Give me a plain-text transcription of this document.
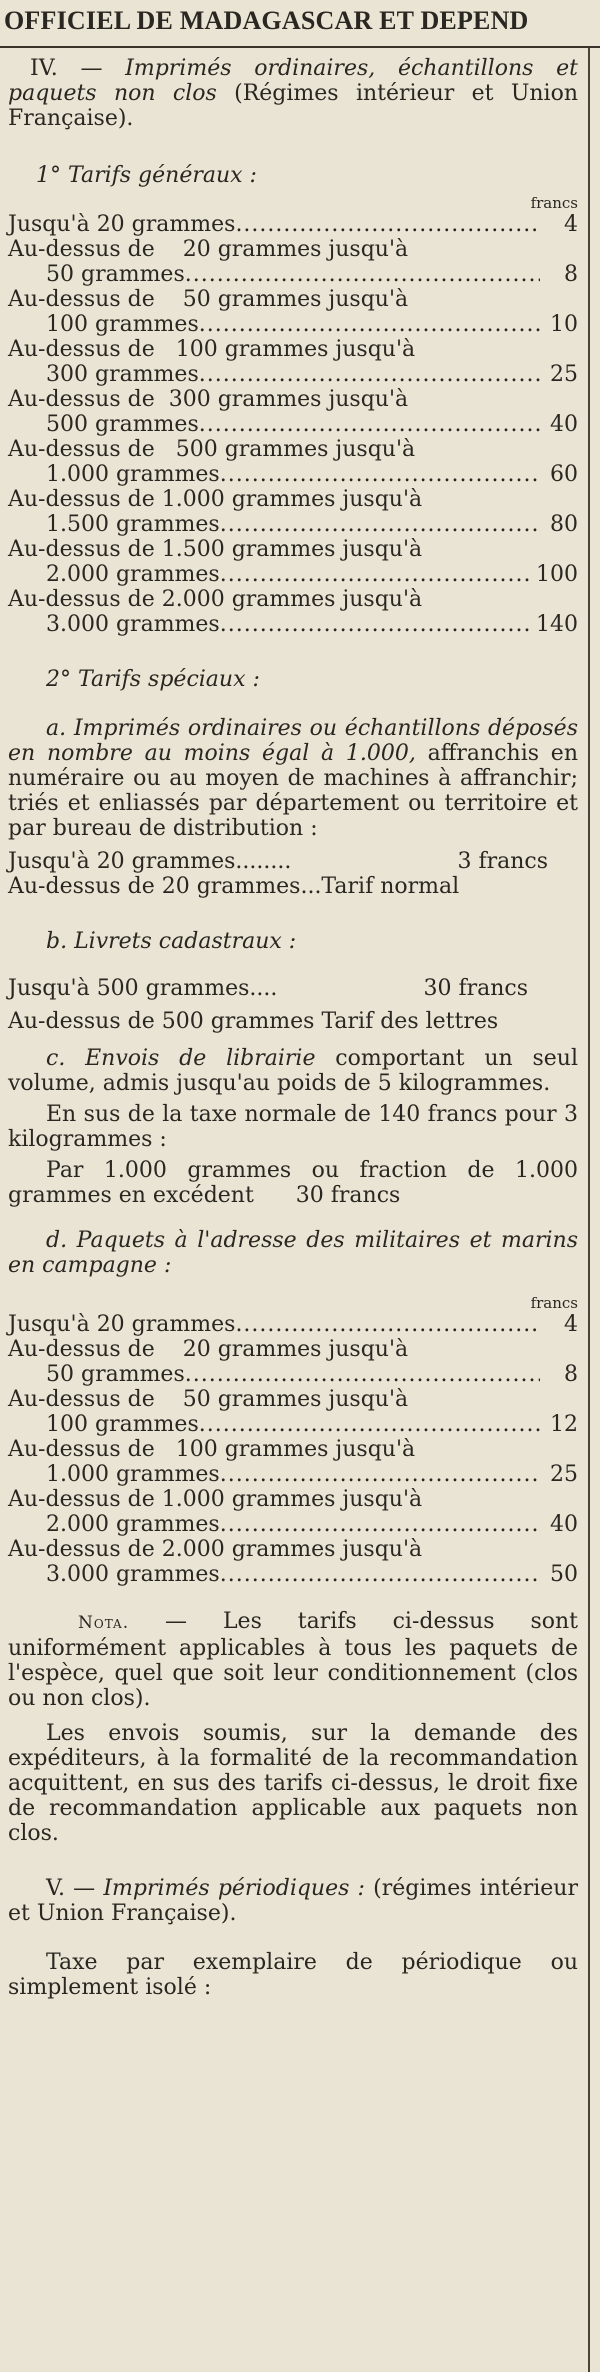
OFFICIEL DE MADAGASCAR ET DEPEND

IV. — Imprimés ordinaires, échantillons et paquets non clos (Régimes intérieur et Union Française).

1° Tarifs généraux :

francs
Jusqu'à 20 grammes .....	4
Au-dessus de    20 grammes jusqu'à
50 grammes .....	8
Au-dessus de    50 grammes jusqu'à
100 grammes .....	10
Au-dessus de   100 grammes jusqu'à
300 grammes .....	25
Au-dessus de  300 grammes jusqu'à
500 grammes .....	40
Au-dessus de   500 grammes jusqu'à
1.000 grammes .....	60
Au-dessus de 1.000 grammes jusqu'à
1.500 grammes .....	80
Au-dessus de 1.500 grammes jusqu'à
2.000 grammes .....	100
Au-dessus de 2.000 grammes jusqu'à
3.000 grammes .....	140

2° Tarifs spéciaux :

a. Imprimés ordinaires ou échantillons déposés en nombre au moins égal à 1.000, affranchis en numéraire ou au moyen de machines à affranchir; triés et enliassés par département ou territoire et par bureau de distribution :

Jusqu'à 20 grammes........	3 francs
Au-dessus de 20 grammes...Tarif normal

b. Livrets cadastraux :

Jusqu'à 500 grammes....	30 francs
Au-dessus de 500 grammes Tarif des lettres

c. Envois de librairie comportant un seul volume, admis jusqu'au poids de 5 kilogrammes.

En sus de la taxe normale de 140 francs pour 3 kilogrammes :

Par 1.000 grammes ou fraction de 1.000 grammes en excédent 30 francs

d. Paquets à l'adresse des militaires et marins en campagne :

francs
Jusqu'à 20 grammes .....	4
Au-dessus de    20 grammes jusqu'à
50 grammes .....	8
Au-dessus de    50 grammes jusqu'à
100 grammes .....	12
Au-dessus de   100 grammes jusqu'à
1.000 grammes .....	25
Au-dessus de 1.000 grammes jusqu'à
2.000 grammes .....	40
Au-dessus de 2.000 grammes jusqu'à
3.000 grammes .....	50

Nota. — Les tarifs ci-dessus sont uniformément applicables à tous les paquets de l'espèce, quel que soit leur conditionnement (clos ou non clos).

Les envois soumis, sur la demande des expéditeurs, à la formalité de la recommandation acquittent, en sus des tarifs ci-dessus, le droit fixe de recommandation applicable aux paquets non clos.

V. — Imprimés périodiques : (régimes intérieur et Union Française).

Taxe par exemplaire de périodique ou simplement isolé :
